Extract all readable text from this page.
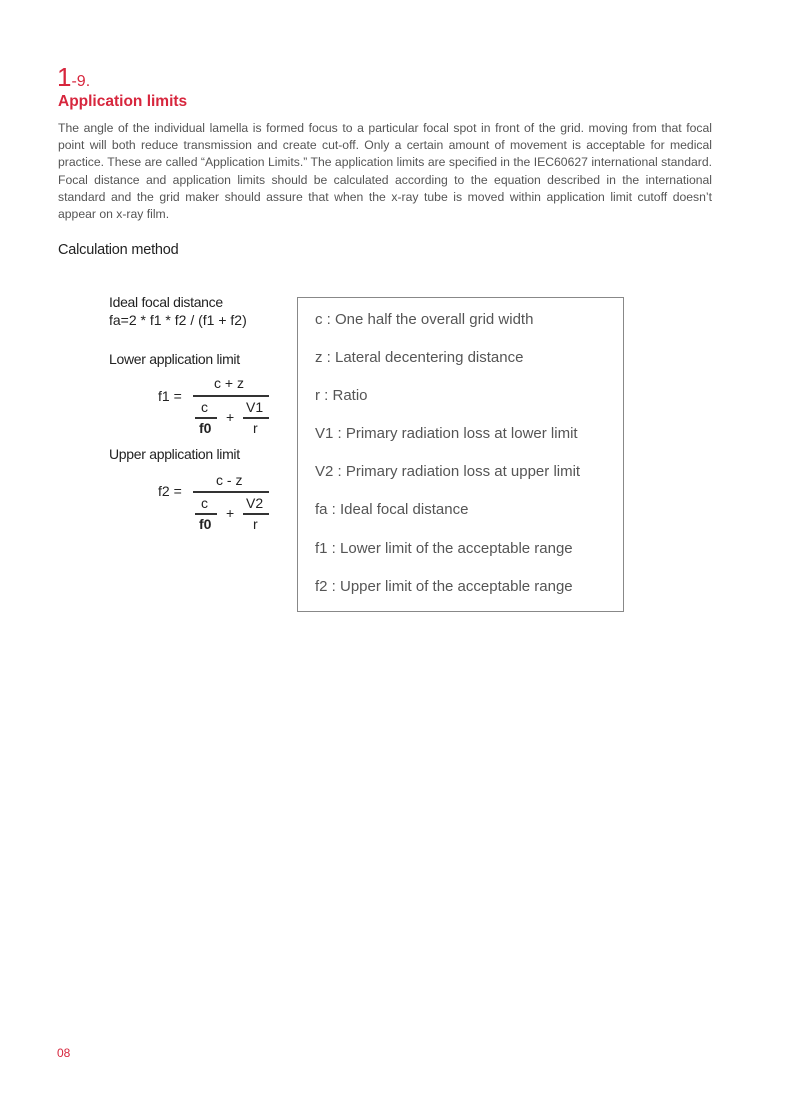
1-9.
Application limits
The angle of the individual lamella is formed focus to a particular focal spot in front of the grid. moving from that focal point will both reduce transmission and create cut-off. Only a certain amount of movement is acceptable for medical practice. These are called “Application Limits.” The application limits are specified in the IEC60627 international standard. Focal distance and application limits should be calculated according to the equation described in the international standard and the grid maker should assure that when the x-ray tube is moved within application limit cutoff doesn’t appear on x-ray film.
Calculation method
Ideal focal distance
fa=2 * f1 * f2 / (f1 + f2)
Lower application limit
f1 =
c + z
c
f0
+
V1
r
Upper application limit
f2 =
c - z
c
f0
+
V2
r
c : One half the overall grid width
z : Lateral decentering distance
r : Ratio
V1 : Primary radiation loss at lower limit
V2 : Primary radiation loss at upper limit
fa : Ideal focal distance
f1 : Lower limit of the acceptable range
f2 : Upper limit of the acceptable range
08
